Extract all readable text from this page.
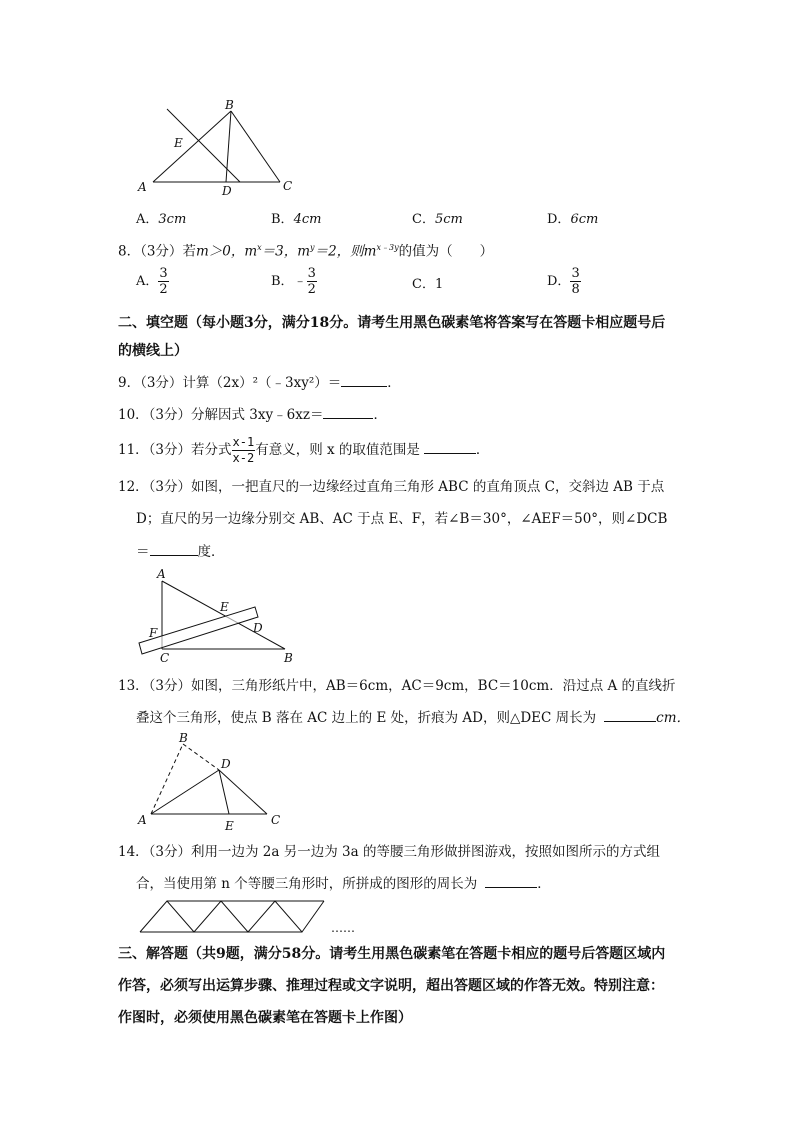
B
E
A	D	C
A．3cm	B．4cm	C．5cm	D．6cm
8．（3分）若m＞0，$m^x=3$，$m^y=2$，则$m^{x﹣3y}$的值为（　　）
A． $\frac{3}{2}$	B．﹣ $\frac{3}{2}$	C．1	D． $\frac{3}{8}$
二、填空题（每小题3分，满分18分。请考生用黑色碳素笔将答案写在答题卡相应题号后
的横线上）
9．（3分）计算（2x）²（﹣3xy²）＝	．
10．（3分）分解因式 3xy﹣6xz＝	．
11．（3分）若分式 $\frac{x-1}{x-2}$ 有意义，则 x 的取值范围是	．
12．（3分）如图，一把直尺的一边缘经过直角三角形 ABC 的直角顶点 C，交斜边 AB 于点
D；直尺的另一边缘分别交 AB、AC 于点 E、F，若∠B＝30°，∠AEF＝50°，则∠DCB
＝	度．
A
E
D
F
C	B
13．（3分）如图，三角形纸片中，AB＝6cm，AC＝9cm，BC＝10cm．沿过点 A 的直线折
叠这个三角形，使点 B 落在 AC 边上的 E 处，折痕为 AD，则△DEC 周长为	cm．
B
D
A	E	C
14．（3分）利用一边为 2a 另一边为 3a 的等腰三角形做拼图游戏，按照如图所示的方式组
合，当使用第 n 个等腰三角形时，所拼成的图形的周长为	．
……
三、解答题（共9题，满分58分。请考生用黑色碳素笔在答题卡相应的题号后答题区域内
作答，必须写出运算步骤、推理过程或文字说明，超出答题区域的作答无效。特别注意：
作图时，必须使用黑色碳素笔在答题卡上作图）
